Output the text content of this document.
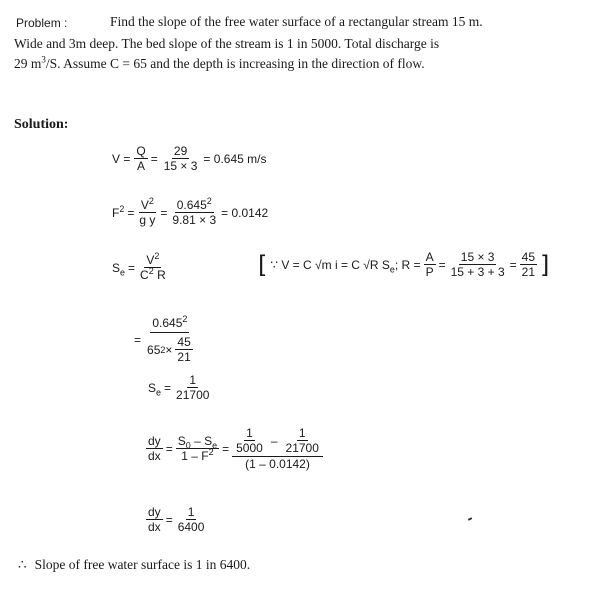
Problem :	Find the slope of the free water surface of a rectangular stream 15 m.
Wide and 3m deep. The bed slope of the stream is 1 in 5000. Total discharge is
29 $m^3/S$. Assume C = 65 and the depth is increasing in the direction of flow.
Solution:
$V = \frac{Q}{A} = \frac{29}{15 \times 3} = 0.645$ m/s
$F^2 = \frac{V^2}{\text{g y}} = \frac{0.645^2}{9.81 \times 3} = 0.0142$
$S_e = \frac{V^2}{C^2 R}$	[ ∵ V = C √m i = C √R $S_e$ ; $R = \frac{A}{P} = \frac{15 \times 3}{15 + 3 + 3} = \frac{45}{21}$ ]
= $\frac{0.645^2}{65 2 \times \frac{45}{21}}$
$S_e = \frac{1}{21700}$
$\frac{dy}{dx} = \frac{S_0 - S_e}{1 - F^2} = \frac{\frac{1}{5000} - \frac{1}{21700}}{(1 - 0.0142)}$
$\frac{dy}{dx} = \frac{1}{6400}$
∴ Slope of free water surface is 1 in 6400.
